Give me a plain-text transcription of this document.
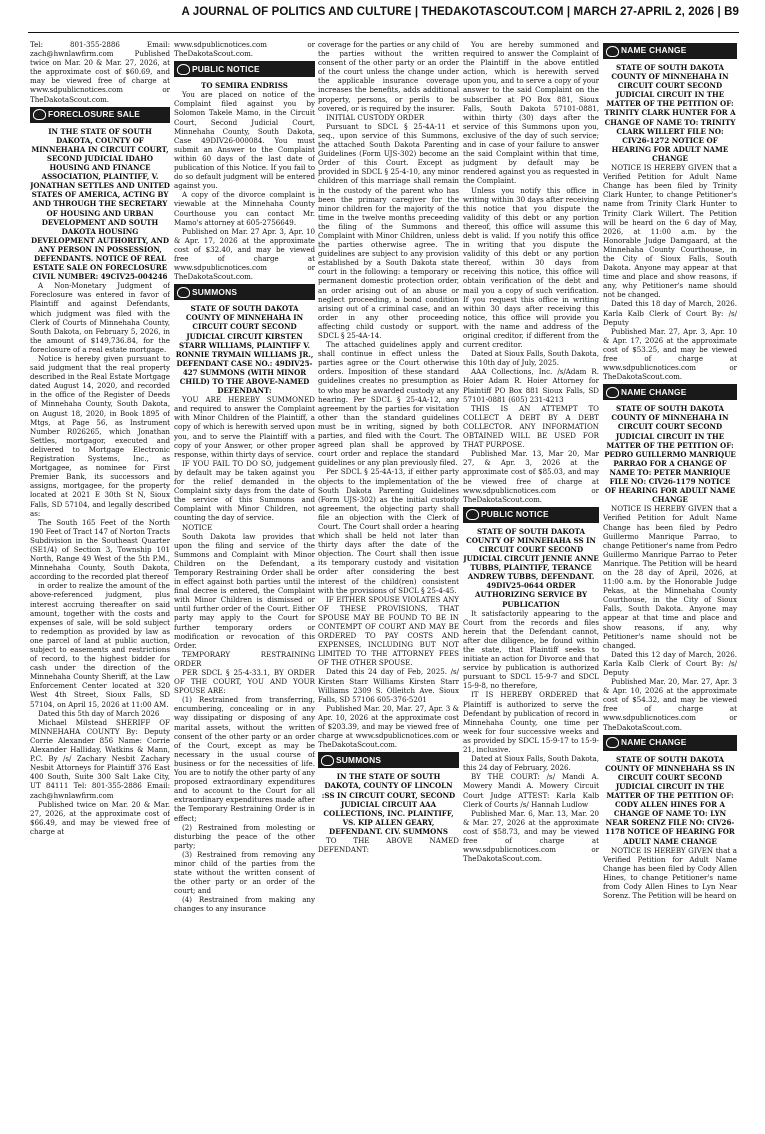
A JOURNAL OF POLITICS AND CULTURE | THEDAKOTASCOUT.COM | MARCH 27-APRIL 2, 2026 | B9

Tel: 801-355-2886 Email: zach@hwnlawfirm.com Published twice on Mar. 20 & Mar. 27, 2026, at the approximate cost of $60.69, and may be viewed free of charge at www.sdpublicnotices.com or TheDakotaScout.com.

FORECLOSURE SALE

IN THE STATE OF SOUTH DAKOTA, COUNTY OF MINNEHAHA IN CIRCUIT COURT, SECOND JUDICIAL IDAHO HOUSING AND FINANCE ASSOCIATION, PLAINTIFF, V. JONATHAN SETTLES AND UNITED STATES OF AMERICA, ACTING BY AND THROUGH THE SECRETARY OF HOUSING AND URBAN DEVELOPMENT AND SOUTH DAKOTA HOUSING DEVELOPMENT AUTHORITY, AND ANY PERSON IN POSSESSION, DEFENDANTS. NOTICE OF REAL ESTATE SALE ON FORECLOSURE CIVIL NUMBER: 49CIV25-004246

A Non-Monetary Judgment of Foreclosure was entered in favor of Plaintiff and against Defendants, which judgment was filed with the Clerk of Courts of Minnehaha County, South Dakota, on February 5, 2026, in the amount of $149,736.84, for the foreclosure of a real estate mortgage.

Notice is hereby given pursuant to said judgment that the real property described in the Real Estate Mortgage dated August 14, 2020, and recorded in the office of the Register of Deeds of Minnehaha County, South Dakota, on August 18, 2020, in Book 1895 of Mtgs, at Page 56, as Instrument Number R026265, which Jonathan Settles, mortgagor, executed and delivered to Mortgage Electronic Registration Systems, Inc., as Mortgagee, as nominee for First Premier Bank, its successors and assigns, mortgagee, for the property located at 2021 E 30th St N, Sioux Falls, SD 57104, and legally described as:

The South 165 Feet of the North 190 Feet of Tract 147 of Norton Tracts Subdivision in the Southeast Quarter (SE1/4) of Section 3, Township 101 North, Range 49 West of the 5th P.M., Minnehaha County, South Dakota, according to the recorded plat thereof

in order to realize the amount of the above-referenced judgment, plus interest accruing thereafter on said amount, together with the costs and expenses of sale, will be sold subject to redemption as provided by law as one parcel of land at public auction, subject to easements and restrictions of record, to the highest bidder for cash under the direction of the Minnehaha County Sheriff, at the Law Enforcement Center located at 320 West 4th Street, Sioux Falls, SD 57104, on April 15, 2026 at 11:00 AM.

Dated this 5th day of March 2026

Michael Milstead SHERIFF OF MINNEHAHA COUNTY By: Deputy Corrie Alexander 856 Name: Corrie Alexander Halliday, Watkins & Mann, P.C. By /s/ Zachary Nesbit Zachary Nesbit Attorneys for Plaintiff 376 East 400 South, Suite 300 Salt Lake City, UT 84111 Tel: 801-355-2886 Email: zach@hwnlawfirm.com

Published twice on Mar. 20 & Mar. 27, 2026, at the approximate cost of $66.49, and may be viewed free of charge at

www.sdpublicnotices.com or TheDakotaScout.com.

PUBLIC NOTICE

TO SEMIRA ENDRISS

You are placed on notice of the Complaint filed against you by Solomon Takele Mamo, in the Circuit Court, Second Judicial Court, Minnehaha County, South Dakota, Case 49DIV26-000084. You must submit an Answer to the Complaint within 60 days of the last date of publication of this Notice. If you fail to do so default judgment will be entered against you.

A copy of the divorce complaint is viewable at the Minnehaha County Courthouse you can contact Mr. Mamo's attorney at 605-2756649.

Published on Mar. 27 Apr. 3, Apr. 10 & Apr. 17, 2026 at the approximate cost of $32.40, and may be viewed free of charge at www.sdpublicnotices.com or TheDakotaScout.com.

SUMMONS

STATE OF SOUTH DAKOTA COUNTY OF MINNEHAHA IN CIRCUIT COURT SECOND JUDICIAL CIRCUIT KIRSTEN STARR WILLIAMS, PLAINTIFF V. RONNIE TRYMAIN WILLIAMS JR., DEFENDANT CASE NO.: 49DIV25-427 SUMMONS (WITH MINOR CHILD) TO THE ABOVE-NAMED DEFENDANT:

YOU ARE HEREBY SUMMONED and required to answer the Complaint with Minor Children of the Plaintiff, a copy of which is herewith served upon you, and to serve the Plaintiff with a copy of your Answer, or other proper response, within thirty days of service.

IF YOU FAIL TO DO SO, judgement by default may be taken against you for the relief demanded in the Complaint sixty days from the date of the service of this Summons and Complaint with Minor Children, not counting the day of service.

NOTICE

South Dakota law provides that upon the filing and service of the Summons and Complaint with Minor Children on the Defendant, a Temporary Restraining Order shall be in effect against both parties until the final decree is entered, the Complaint with Minor Children is dismissed or until further order of the Court. Either party may apply to the Court for further temporary orders or modification or revocation of this Order.

TEMPORARY RESTRAINING ORDER

PER SDCL § 25-4-33.1, BY ORDER OF THE COURT, YOU AND YOUR SPOUSE ARE:

(1) Restrained from transferring, encumbering, concealing or in any way dissipating or disposing of any marital assets, without the written consent of the other party or an order of the Court, except as may be necessary in the usual course of business or for the necessities of life. You are to notify the other party of any proposed extraordinary expenditures and to account to the Court for all extraordinary expenditures made after the Temporary Restraining Order is in effect;

(2) Restrained from molesting or disturbing the peace of the other party;

(3) Restrained from removing any minor child of the parties from the state without the written consent of the other party or an order of the court; and

(4) Restrained from making any changes to any insurance

coverage for the parties or any child of the parties without the written consent of the other party or an order of the court unless the change under the applicable insurance coverage increases the benefits, adds additional property, persons, or perils to be covered, or is required by the insurer.

INITIAL CUSTODY ORDER

Pursuant to SDCL § 25-4A-11 et seq., upon service of this Summons, the attached South Dakota Parenting Guidelines (Form UJS-302) become an Order of this Court. Except as provided in SDCL § 25-4-10, any minor children of this marriage shall remain in the custody of the parent who has been the primary caregiver for the minor children for the majority of the time in the twelve months preceeding the filing of the Summons and Complaint with Minor Children, unless the parties otherwise agree. The guidelines are subject to any provision established by a South Dakota state court in the following: a temporary or permanent domestic protection order, an order arising out of an abuse or neglect proceeding, a bond condition arising out of a criminal case, and an order in any other proceeding affecting child custody or support. SDCL § 25-4A-14.

The attached guidelines apply and shall continue in effect unless the parties agree or the Court otherwise orders. Imposition of these standard guidelines creates no presumption as to who may be awarded custody at any hearing. Per SDCL § 25-4A-12, any agreement by the parties for visitation other than the standard guidelines must be in writing, signed by both parties, and filed with the Court. The agreed plan shall be approved by court order and replace the standard guidelines or any plan previously filed.

Per SDCL § 25-4A-13, if either party objects to the implementation of the South Dakota Parenting Guidelines (Form UJS-302) as the initial custody agreement, the objecting party shall file an objection with the Clerk of Court. The Court shall order a hearing which shall be held not later than thirty days after the date of the objection. The Court shall then issue its temporary custody and visitation order after considering the best interest of the child(ren) consistent with the provisions of SDCL § 25-4-45.

IF EITHER SPOUSE VIOLATES ANY OF THESE PROVISIONS, THAT SPOUSE MAY BE FOUND TO BE IN CONTEMPT OF COURT AND MAY BE ORDERED TO PAY COSTS AND EXPENSES, INCLUDING BUT NOT LIMITED TO THE ATTORNEY FEES OF THE OTHER SPOUSE.

Dated this 24 day of Feb, 2025. /s/ Kirsten Starr Williams Kirsten Starr Williams 2309 S. Olleitch Ave. Sioux Falls, SD 57106 605-376-5201

Published Mar. 20, Mar. 27, Apr. 3 & Apr. 10, 2026 at the approximate cost of $203.39, and may be viewed free of charge at www.sdpublicnotices.com or TheDakotaScout.com.

SUMMONS

IN THE STATE OF SOUTH DAKOTA, COUNTY OF LINCOLN :SS IN CIRCUIT COURT, SECOND JUDICIAL CIRCUIT AAA COLLECTIONS, INC. PLAINTIFF, VS. KIP ALLEN GEARY, DEFENDANT. CIV. SUMMONS

TO THE ABOVE NAMED DEFENDANT:

You are hereby summoned and required to answer the Complaint of the Plaintiff in the above entitled action, which is herewith served upon you, and to serve a copy of your answer to the said Complaint on the subscriber at PO Box 881, Sioux Falls, South Dakota 57101-0881, within thirty (30) days after the service of this Summons upon you, exclusive of the day of such service; and in case of your failure to answer the said Complaint within that time, judgment by default may be rendered against you as requested in the Complaint.

Unless you notify this office in writing within 30 days after receiving this notice that you dispute the validity of this debt or any portion thereof, this office will assume this debt is valid. If you notify this office in writing that you dispute the validity of this debt or any portion thereof, within 30 days from receiving this notice, this office will obtain verification of the debt and mail you a copy of such verification. If you request this office in writing within 30 days after receiving this notice, this office will provide you with the name and address of the original creditor, if different from the current creditor.

Dated at Sioux Falls, South Dakota, this 10th day of July, 2025.

AAA Collections, Inc. /s/Adam R. Hoier Adam R. Hoier Attorney for Plaintiff PO Box 881 Sioux Falls, SD 57101-0881 (605) 231-4213

THIS IS AN ATTEMPT TO COLLECT A DEBT BY A DEBT COLLECTOR. ANY INFORMATION OBTAINED WILL BE USED FOR THAT PURPOSE.

Published Mar. 13, Mar 20, Mar 27, & Apr. 3, 2026 at the approximate cost of $85.03, and may be viewed free of charge at www.sdpublicnotices.com or TheDakotaScout.com.

PUBLIC NOTICE

STATE OF SOUTH DAKOTA COUNTY OF MINNEHAHA SS IN CIRCUIT COURT SECOND JUDICIAL CIRCUIT JENNIE ANNE TUBBS, PLAINTIFF, TERANCE ANDREW TUBBS, DEFENDANT. 49DIV25-0644 ORDER AUTHORIZING SERVICE BY PUBLICATION

It satisfactorily appearing to the Court from the records and files herein that the Defendant cannot, after due diligence, be found within the state, that Plaintiff seeks to initiate an action for Divorce and that service by publication is authorized pursuant to SDCL 15-9-7 and SDCL 15-9-8, no therefore,

IT IS HEREBY ORDERED that Plaintiff is authorized to serve the Defendant by publication of record in Minnehaha County, one time per week for four successive weeks and as provided by SDCL 15-9-17 to 15-9-21, inclusive.

Dated at Sioux Falls, South Dakota, this 24 day of February, 2026.

BY THE COURT: /s/ Mandi A. Mowery Mandi A. Mowery Circuit Court Judge ATTEST: Karla Kalb Clerk of Courts /s/ Hannah Ludlow

Published Mar. 6, Mar. 13, Mar. 20 & Mar. 27, 2026 at the approximate cost of $58.73, and may be viewed free of charge at www.sdpublicnotices.com or TheDakotaScout.com.

NAME CHANGE

STATE OF SOUTH DAKOTA COUNTY OF MINNEHAHA IN CIRCUIT COURT SECOND JUDICIAL CIRCUIT IN THE MATTER OF THE PETITION OF: TRINITY CLARK HUNTER FOR A CHANGE OF NAME TO: TRINITY CLARK WILLERT FILE NO: CIV26-1272 NOTICE OF HEARING FOR ADULT NAME CHANGE

NOTICE IS HEREBY GIVEN that a Verified Petition for Adult Name Change has been filed by Trinity Clark Hunter, to change Petitioner's name from Trinity Clark Hunter to Trinity Clark Willert. The Petition will be heard on the 6 day of May, 2026, at 11:00 a.m. by the Honorable Judge Damgaard, at the Minnehaha County Courthouse, in the City of Sioux Falls, South Dakota. Anyone may appear at that time and place and show reasons, if any, why Petitioner's name should not be changed.

Dated this 18 day of March, 2026. Karla Kalb Clerk of Court By: /s/ Deputy

Published Mar. 27, Apr. 3, Apr. 10 & Apr. 17, 2026 at the approximate cost of $53.25, and may be viewed free of charge at www.sdpublicnotices.com or TheDakotaScout.com.

NAME CHANGE

STATE OF SOUTH DAKOTA COUNTY OF MINNEHAHA IN CIRCUIT COURT SECOND JUDICIAL CIRCUIT IN THE MATTER OF THE PETITION OF: PEDRO GUILLERMO MANRIQUE PARRAO FOR A CHANGE OF NAME TO: PETER MANRIQUE FILE NO: CIV26-1179 NOTICE OF HEARING FOR ADULT NAME CHANGE

NOTICE IS HEREBY GIVEN that a Verified Petition for Adult Name Change has been filed by Pedro Guillermo Manrique Parrao, to change Petitioner's name from Pedro Guillermo Manrique Parrao to Peter Manrique. The Petition will be heard on the 28 day of April, 2026, at 11:00 a.m. by the Honorable Judge Pekas, at the Minnehaha County Courthouse, in the City of Sioux Falls, South Dakota. Anyone may appear at that time and place and show reasons, if any, why Petitioner's name should not be changed.

Dated this 12 day of March, 2026. Karla Kalb Clerk of Court By: /s/ Deputy

Published Mar. 20, Mar. 27, Apr. 3 & Apr. 10, 2026 at the approximate cost of $54.32, and may be viewed free of charge at www.sdpublicnotices.com or TheDakotaScout.com.

NAME CHANGE

STATE OF SOUTH DAKOTA COUNTY OF MINNEHAHA SS IN CIRCUIT COURT SECOND JUDICIAL CIRCUIT IN THE MATTER OF THE PETITION OF: CODY ALLEN HINES FOR A CHANGE OF NAME TO: LYN NEAR SORENZ FILE NO: CIV26-1178 NOTICE OF HEARING FOR ADULT NAME CHANGE

NOTICE IS HEREBY GIVEN that a Verified Petition for Adult Name Change has been filed by Cody Allen Hines, to change Petitioner's name from Cody Allen Hines to Lyn Near Sorenz. The Petition will be heard on
